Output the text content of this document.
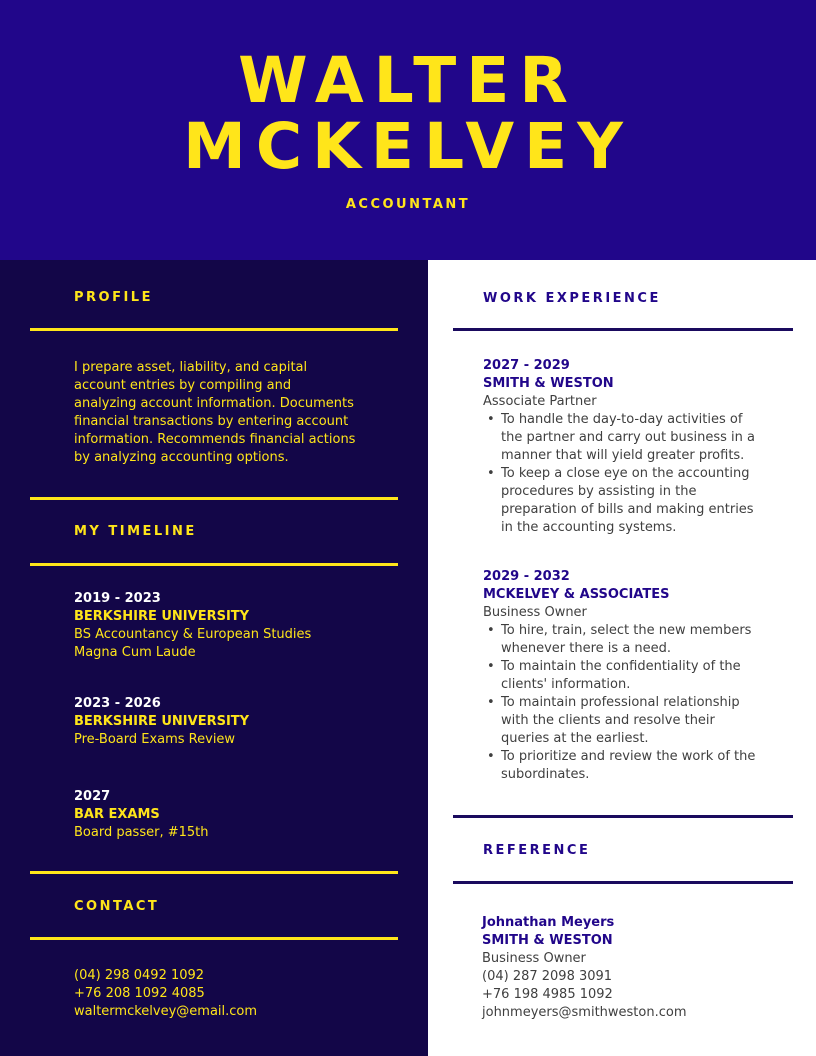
WALTER
MCKELVEY
ACCOUNTANT
PROFILE
I prepare asset, liability, and capital
account entries by compiling and
analyzing account information. Documents
financial transactions by entering account
information. Recommends financial actions
by analyzing accounting options.
MY TIMELINE
2019 - 2023
BERKSHIRE UNIVERSITY
BS Accountancy & European Studies
Magna Cum Laude
2023 - 2026
BERKSHIRE UNIVERSITY
Pre-Board Exams Review
2027
BAR EXAMS
Board passer, #15th
CONTACT
(04) 298 0492 1092
+76 208 1092 4085
waltermckelvey@email.com
WORK EXPERIENCE
2027 - 2029
SMITH & WESTON
Associate Partner
• To handle the day-to-day activities of
the partner and carry out business in a
manner that will yield greater profits.
• To keep a close eye on the accounting
procedures by assisting in the
preparation of bills and making entries
in the accounting systems.
2029 - 2032
MCKELVEY & ASSOCIATES
Business Owner
• To hire, train, select the new members
whenever there is a need.
• To maintain the confidentiality of the
clients' information.
• To maintain professional relationship
with the clients and resolve their
queries at the earliest.
• To prioritize and review the work of the
subordinates.
REFERENCE
Johnathan Meyers
SMITH & WESTON
Business Owner
(04) 287 2098 3091
+76 198 4985 1092
johnmeyers@smithweston.com
